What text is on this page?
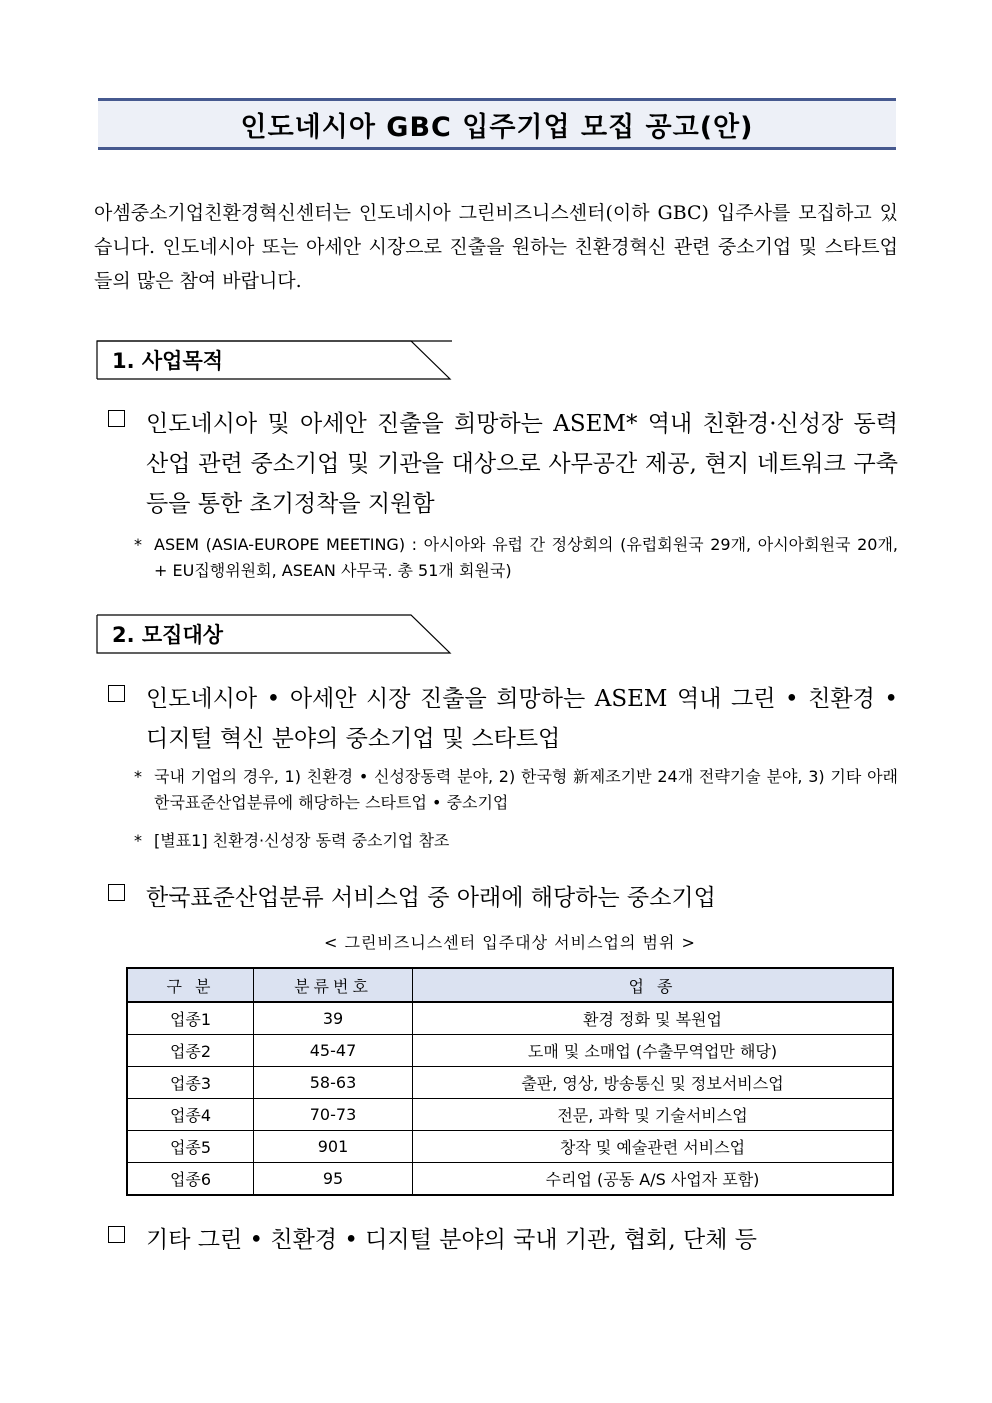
인도네시아 GBC 입주기업 모집 공고(안)
아셈중소기업친환경혁신센터는 인도네시아 그린비즈니스센터(이하 GBC) 입주사를 모집하고 있습니다. 인도네시아 또는 아세안 시장으로 진출을 원하는 친환경혁신 관련 중소기업 및 스타트업들의 많은 참여 바랍니다.
1. 사업목적
인도네시아 및 아세안 진출을 희망하는 ASEM* 역내 친환경·신성장 동력 산업 관련 중소기업 및 기관을 대상으로 사무공간 제공, 현지 네트워크 구축 등을 통한 초기정착을 지원함
* ASEM (ASIA-EUROPE MEETING) : 아시아와 유럽 간 정상회의 (유럽회원국 29개, 아시아회원국 20개, + EU집행위원회, ASEAN 사무국. 총 51개 회원국)
2. 모집대상
인도네시아 • 아세안 시장 진출을 희망하는 ASEM 역내 그린 • 친환경 • 디지털 혁신 분야의 중소기업 및 스타트업
* 국내 기업의 경우, 1) 친환경 • 신성장동력 분야, 2) 한국형 新제조기반 24개 전략기술 분야, 3) 기타 아래 한국표준산업분류에 해당하는 스타트업 • 중소기업
* [별표1] 친환경·신성장 동력 중소기업 참조
한국표준산업분류 서비스업 중 아래에 해당하는 중소기업
< 그린비즈니스센터 입주대상 서비스업의 범위 >
구 분	분류번호	업 종
업종1	39	환경 정화 및 복원업
업종2	45-47	도매 및 소매업 (수출무역업만 해당)
업종3	58-63	출판, 영상, 방송통신 및 정보서비스업
업종4	70-73	전문, 과학 및 기술서비스업
업종5	901	창작 및 예술관련 서비스업
업종6	95	수리업 (공동 A/S 사업자 포함)
기타 그린 • 친환경 • 디지털 분야의 국내 기관, 협회, 단체 등
